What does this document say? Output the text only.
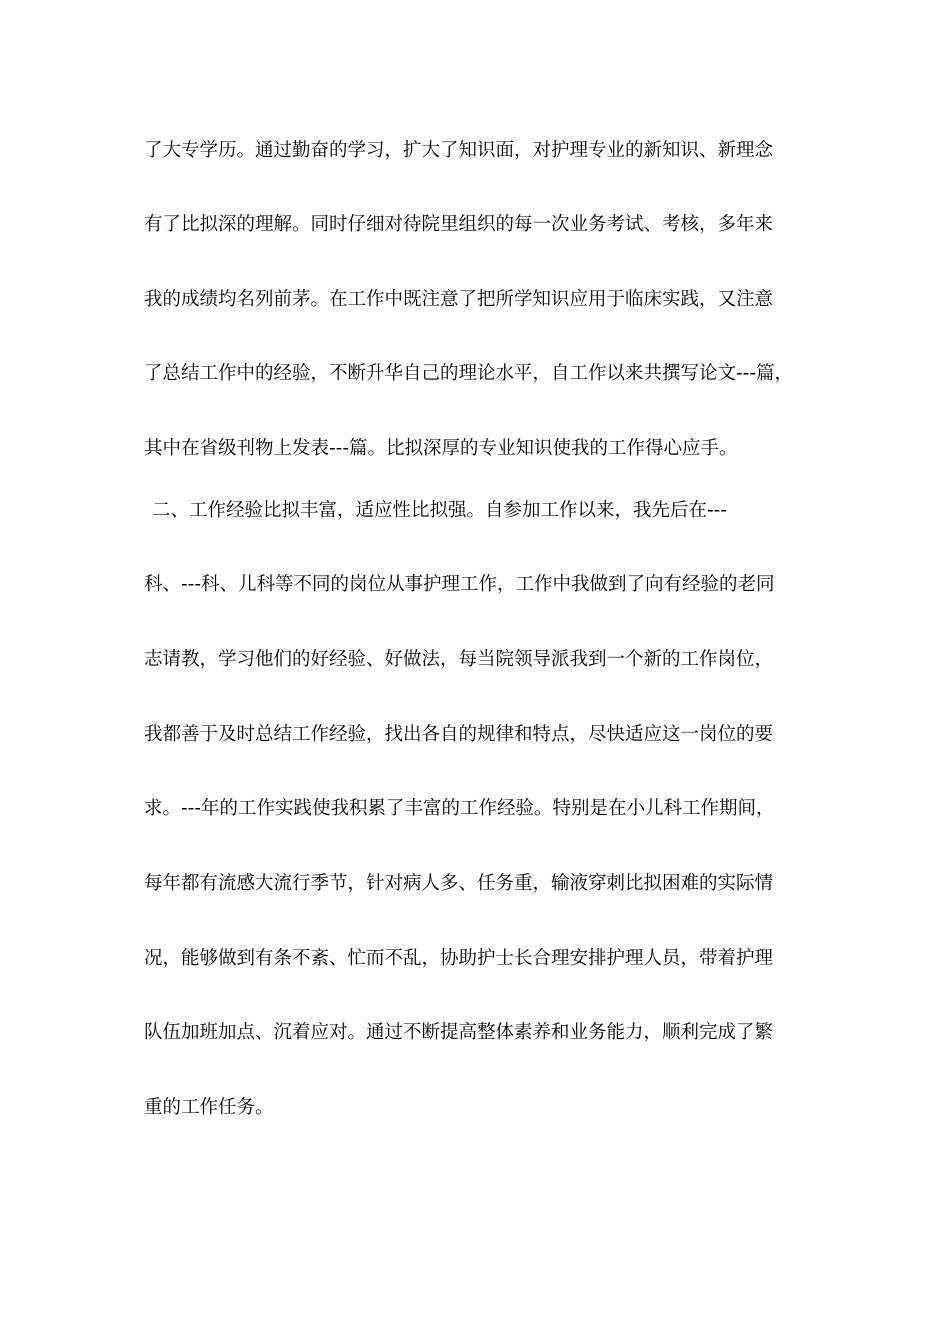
了大专学历。通过勤奋的学习，扩大了知识面，对护理专业的新知识、新理念
有了比拟深的理解。同时仔细对待院里组织的每一次业务考试、考核，多年来
我的成绩均名列前茅。在工作中既注意了把所学知识应用于临床实践，又注意
了总结工作中的经验，不断升华自己的理论水平，自工作以来共撰写论文---篇，
其中在省级刊物上发表---篇。比拟深厚的专业知识使我的工作得心应手。
二、工作经验比拟丰富，适应性比拟强。自参加工作以来，我先后在---
科、---科、儿科等不同的岗位从事护理工作，工作中我做到了向有经验的老同
志请教，学习他们的好经验、好做法，每当院领导派我到一个新的工作岗位，
我都善于及时总结工作经验，找出各自的规律和特点，尽快适应这一岗位的要
求。---年的工作实践使我积累了丰富的工作经验。特别是在小儿科工作期间，
每年都有流感大流行季节，针对病人多、任务重，输液穿刺比拟困难的实际情
况，能够做到有条不紊、忙而不乱，协助护士长合理安排护理人员，带着护理
队伍加班加点、沉着应对。通过不断提高整体素养和业务能力，顺利完成了繁
重的工作任务。
